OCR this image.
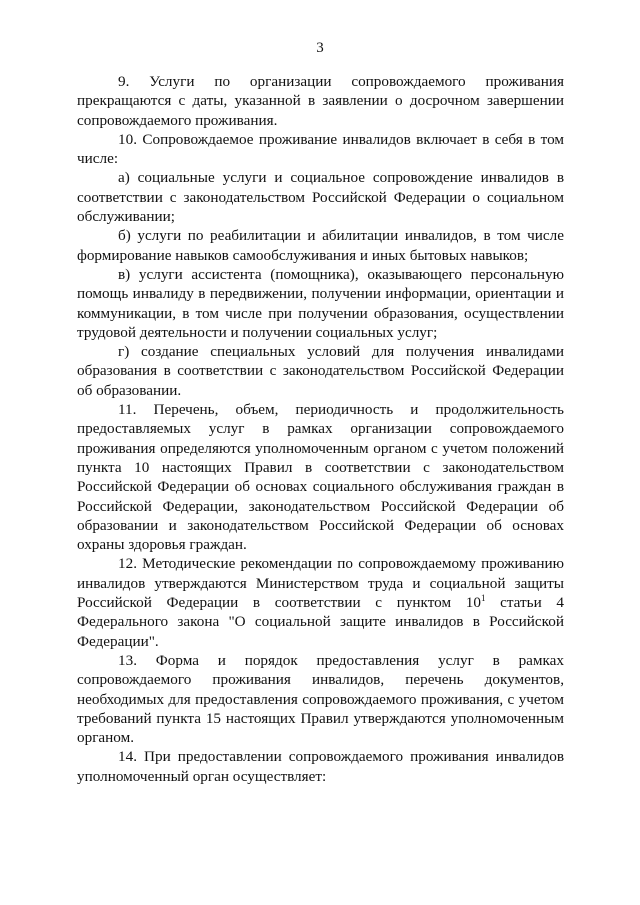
3

9. Услуги по организации сопровождаемого проживания прекращаются с даты, указанной в заявлении о досрочном завершении сопровождаемого проживания.

10. Сопровождаемое проживание инвалидов включает в себя в том числе:

а) социальные услуги и социальное сопровождение инвалидов в соответствии с законодательством Российской Федерации о социальном обслуживании;

б) услуги по реабилитации и абилитации инвалидов, в том числе формирование навыков самообслуживания и иных бытовых навыков;

в) услуги ассистента (помощника), оказывающего персональную помощь инвалиду в передвижении, получении информации, ориентации и коммуникации, в том числе при получении образования, осуществлении трудовой деятельности и получении социальных услуг;

г) создание специальных условий для получения инвалидами образования в соответствии с законодательством Российской Федерации об образовании.

11. Перечень, объем, периодичность и продолжительность предоставляемых услуг в рамках организации сопровождаемого проживания определяются уполномоченным органом с учетом положений пункта 10 настоящих Правил в соответствии с законодательством Российской Федерации об основах социального обслуживания граждан в Российской Федерации, законодательством Российской Федерации об образовании и законодательством Российской Федерации об основах охраны здоровья граждан.

12. Методические рекомендации по сопровождаемому проживанию инвалидов утверждаются Министерством труда и социальной защиты Российской Федерации в соответствии с пунктом $10^1$ статьи 4 Федерального закона "О социальной защите инвалидов в Российской Федерации".

13. Форма и порядок предоставления услуг в рамках сопровождаемого проживания инвалидов, перечень документов, необходимых для предоставления сопровождаемого проживания, с учетом требований пункта 15 настоящих Правил утверждаются уполномоченным органом.

14. При предоставлении сопровождаемого проживания инвалидов уполномоченный орган осуществляет:
